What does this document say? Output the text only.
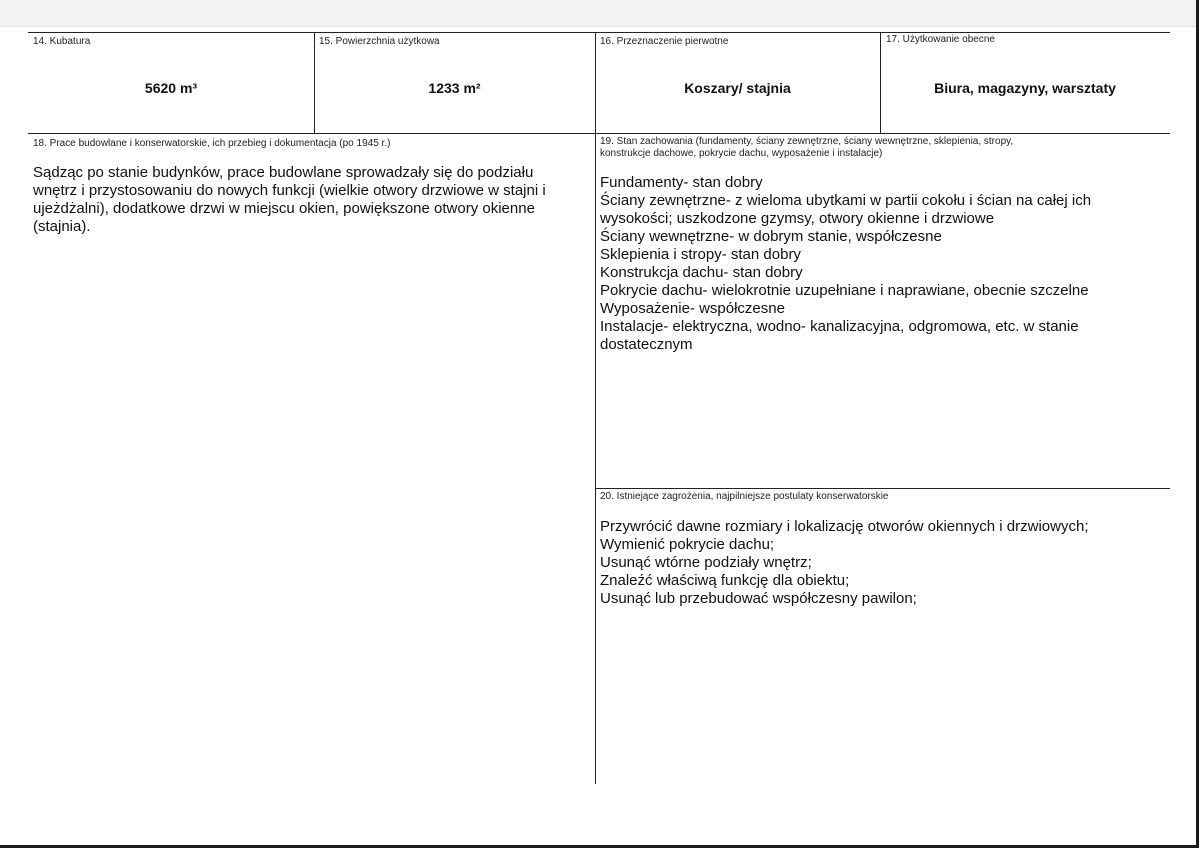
14. Kubatura
5620 m³
15. Powierzchnia użytkowa
1233 m²
16. Przeznaczenie pierwotne
Koszary/ stajnia
17. Użytkowanie obecne
Biura, magazyny, warsztaty
18. Prace budowlane i konserwatorskie, ich przebieg i dokumentacja (po 1945 r.)
Sądząc po stanie budynków, prace budowlane sprowadzały się do podziału
wnętrz i przystosowaniu do nowych funkcji (wielkie otwory drzwiowe w stajni i
ujeżdżalni), dodatkowe drzwi w miejscu okien, powiększone otwory okienne
(stajnia).
19. Stan zachowania (fundamenty, ściany zewnętrzne, ściany wewnętrzne, sklepienia, stropy,
konstrukcje dachowe, pokrycie dachu, wyposażenie i instalacje)
Fundamenty- stan dobry
Ściany zewnętrzne- z wieloma ubytkami w partii cokołu i ścian na całej ich
wysokości; uszkodzone gzymsy, otwory okienne i drzwiowe
Ściany wewnętrzne- w dobrym stanie, współczesne
Sklepienia i stropy- stan dobry
Konstrukcja dachu- stan dobry
Pokrycie dachu- wielokrotnie uzupełniane i naprawiane, obecnie szczelne
Wyposażenie- współczesne
Instalacje- elektryczna, wodno- kanalizacyjna, odgromowa, etc. w stanie
dostatecznym
20. Istniejące zagrożenia, najpilniejsze postulaty konserwatorskie
Przywrócić dawne rozmiary i lokalizację otworów okiennych i drzwiowych;
Wymienić pokrycie dachu;
Usunąć wtórne podziały wnętrz;
Znaleźć właściwą funkcję dla obiektu;
Usunąć lub przebudować współczesny pawilon;
